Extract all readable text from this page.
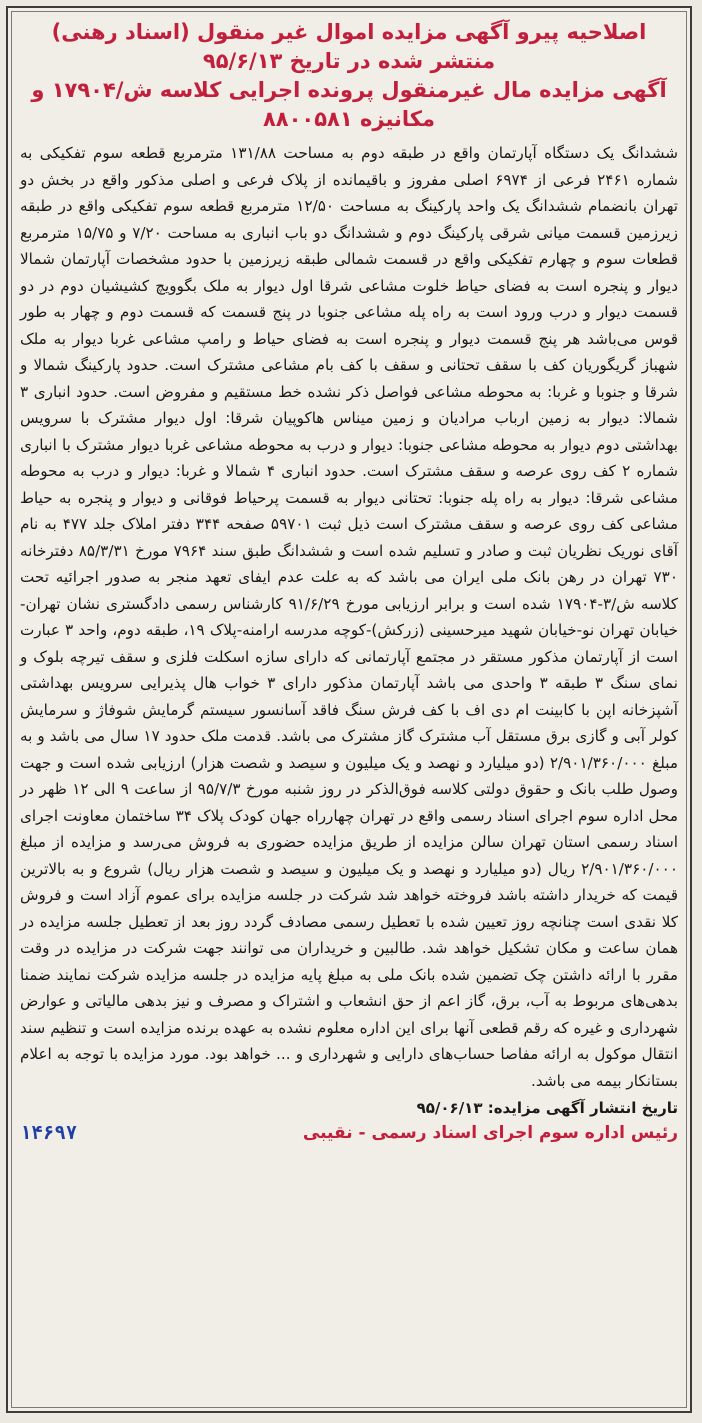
اصلاحیه پیرو آگهی مزایده اموال غیر منقول (اسناد رهنی)
منتشر شده در تاریخ ۹۵/۶/۱۳
آگهی مزایده مال غیرمنقول پرونده اجرایی کلاسه ش/۱۷۹۰۴ و
مکانیزه ۸۸۰۰۵۸۱

ششدانگ یک دستگاه آپارتمان واقع در طبقه دوم به مساحت ۱۳۱/۸۸ مترمربع قطعه سوم تفکیکی به شماره ۲۴۶۱ فرعی از ۶۹۷۴ اصلی مفروز و باقیمانده از پلاک فرعی و اصلی مذکور واقع در بخش دو تهران بانضمام ششدانگ یک واحد پارکینگ به مساحت ۱۲/۵۰ مترمربع قطعه سوم تفکیکی واقع در طبقه زیرزمین قسمت میانی شرقی پارکینگ دوم و ششدانگ دو باب انباری به مساحت ۷/۲۰ و ۱۵/۷۵ مترمربع قطعات سوم و چهارم تفکیکی واقع در قسمت شمالی طبقه زیرزمین با حدود مشخصات آپارتمان شمالا دیوار و پنجره است به فضای حیاط خلوت مشاعی شرقا اول دیوار به ملک بگوویچ کشیشیان دوم در دو قسمت دیوار و درب ورود است به راه پله مشاعی جنوبا در پنج قسمت که قسمت دوم و چهار به طور قوس می‌باشد هر پنج قسمت دیوار و پنجره است به فضای حیاط و رامپ مشاعی غربا دیوار به ملک شهباز گریگوریان کف با سقف تحتانی و سقف با کف بام مشاعی مشترک است. حدود پارکینگ شمالا و شرقا و جنوبا و غربا: به محوطه مشاعی فواصل ذکر نشده خط مستقیم و مفروض است. حدود انباری ۳ شمالا: دیوار به زمین ارباب مرادیان و زمین میناس هاکوپیان شرقا: اول دیوار مشترک با سرویس بهداشتی دوم دیوار به محوطه مشاعی جنوبا: دیوار و درب به محوطه مشاعی غربا دیوار مشترک با انباری شماره ۲ کف روی عرصه و سقف مشترک است. حدود انباری ۴ شمالا و غربا: دیوار و درب به محوطه مشاعی شرقا: دیوار به راه پله جنوبا: تحتانی دیوار به قسمت پرحیاط فوقانی و دیوار و پنجره به حیاط مشاعی کف روی عرصه و سقف مشترک است ذیل ثبت ۵۹۷۰۱ صفحه ۳۴۴ دفتر املاک جلد ۴۷۷ به نام آقای نوریک نظریان ثبت و صادر و تسلیم شده است و ششدانگ طبق سند ۷۹۶۴ مورخ ۸۵/۳/۳۱ دفترخانه ۷۳۰ تهران در رهن بانک ملی ایران می باشد که به علت عدم ایفای تعهد منجر به صدور اجرائیه تحت کلاسه ش/۳-۱۷۹۰۴ شده است و برابر ارزیابی مورخ ۹۱/۶/۲۹ کارشناس رسمی دادگستری نشان تهران-خیابان تهران نو-خیابان شهید میرحسینی (زرکش)-کوچه مدرسه ارامنه-پلاک ۱۹، طبقه دوم، واحد ۳ عبارت است از آپارتمان مذکور مستقر در مجتمع آپارتمانی که دارای سازه اسکلت فلزی و سقف تیرچه بلوک و نمای سنگ ۳ طبقه ۳ واحدی می باشد آپارتمان مذکور دارای ۳ خواب هال پذیرایی سرویس بهداشتی آشپزخانه اپن با کابینت ام دی اف با کف فرش سنگ فاقد آسانسور سیستم گرمایش شوفاژ و سرمایش کولر آبی و گازی برق مستقل آب مشترک گاز مشترک می باشد. قدمت ملک حدود ۱۷ سال می باشد و به مبلغ ۲/۹۰۱/۳۶۰/۰۰۰ (دو میلیارد و نهصد و یک میلیون و سیصد و شصت هزار) ارزیابی شده است و جهت وصول طلب بانک و حقوق دولتی کلاسه فوق‌الذکر در روز شنبه مورخ ۹۵/۷/۳ از ساعت ۹ الی ۱۲ ظهر در محل اداره سوم اجرای اسناد رسمی واقع در تهران چهارراه جهان کودک پلاک ۳۴ ساختمان معاونت اجرای اسناد رسمی استان تهران سالن مزایده از طریق مزایده حضوری به فروش می‌رسد و مزایده از مبلغ ۲/۹۰۱/۳۶۰/۰۰۰ ریال (دو میلیارد و نهصد و یک میلیون و سیصد و شصت هزار ریال) شروع و به بالاترین قیمت که خریدار داشته باشد فروخته خواهد شد شرکت در جلسه مزایده برای عموم آزاد است و فروش کلا نقدی است چنانچه روز تعیین شده با تعطیل رسمی مصادف گردد روز بعد از تعطیل جلسه مزایده در همان ساعت و مکان تشکیل خواهد شد. طالبین و خریداران می توانند جهت شرکت در مزایده در وقت مقرر با ارائه داشتن چک تضمین شده بانک ملی به مبلغ پایه مزایده در جلسه مزایده شرکت نمایند ضمنا بدهی‌های مربوط به آب، برق، گاز اعم از حق انشعاب و اشتراک و مصرف و نیز بدهی مالیاتی و عوارض شهرداری و غیره که رقم قطعی آنها برای این اداره معلوم نشده به عهده برنده مزایده است و تنظیم سند انتقال موکول به ارائه مفاصا حساب‌های دارایی و شهرداری و ... خواهد بود. مورد مزایده با توجه به اعلام بستانکار بیمه می باشد.

تاریخ انتشار آگهی مزایده: ۹۵/۰۶/۱۳
رئیس اداره سوم اجرای اسناد رسمی - نقیبی
۱۴۶۹۷
